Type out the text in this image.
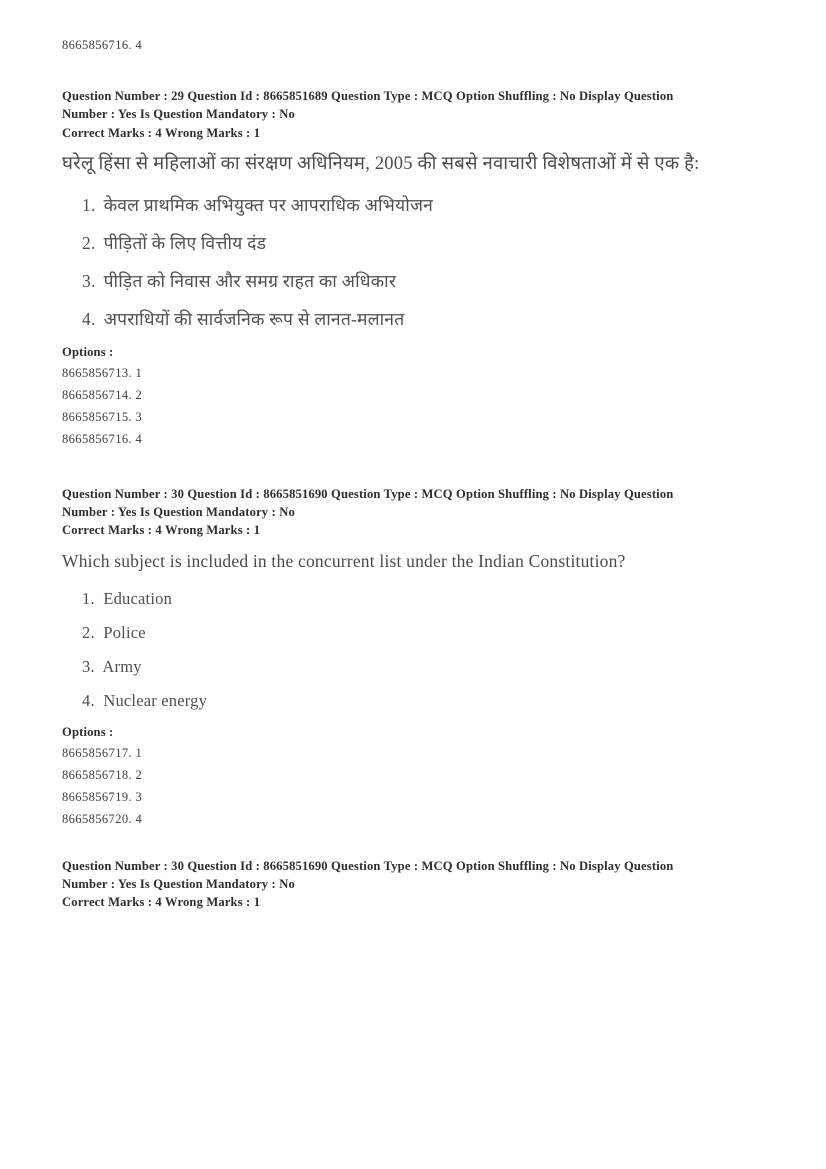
8665856716. 4
Question Number : 29 Question Id : 8665851689 Question Type : MCQ Option Shuffling : No Display Question
Number : Yes Is Question Mandatory : No
Correct Marks : 4 Wrong Marks : 1
घरेलू हिंसा से महिलाओं का संरक्षण अधिनियम, 2005 की सबसे नवाचारी विशेषताओं में से एक है:
1. केवल प्राथमिक अभियुक्त पर आपराधिक अभियोजन
2. पीड़ितों के लिए वित्तीय दंड
3. पीड़ित को निवास और समग्र राहत का अधिकार
4. अपराधियों की सार्वजनिक रूप से लानत-मलानत
Options :
8665856713. 1
8665856714. 2
8665856715. 3
8665856716. 4
Question Number : 30 Question Id : 8665851690 Question Type : MCQ Option Shuffling : No Display Question
Number : Yes Is Question Mandatory : No
Correct Marks : 4 Wrong Marks : 1
Which subject is included in the concurrent list under the Indian Constitution?
1. Education
2. Police
3. Army
4. Nuclear energy
Options :
8665856717. 1
8665856718. 2
8665856719. 3
8665856720. 4
Question Number : 30 Question Id : 8665851690 Question Type : MCQ Option Shuffling : No Display Question
Number : Yes Is Question Mandatory : No
Correct Marks : 4 Wrong Marks : 1
